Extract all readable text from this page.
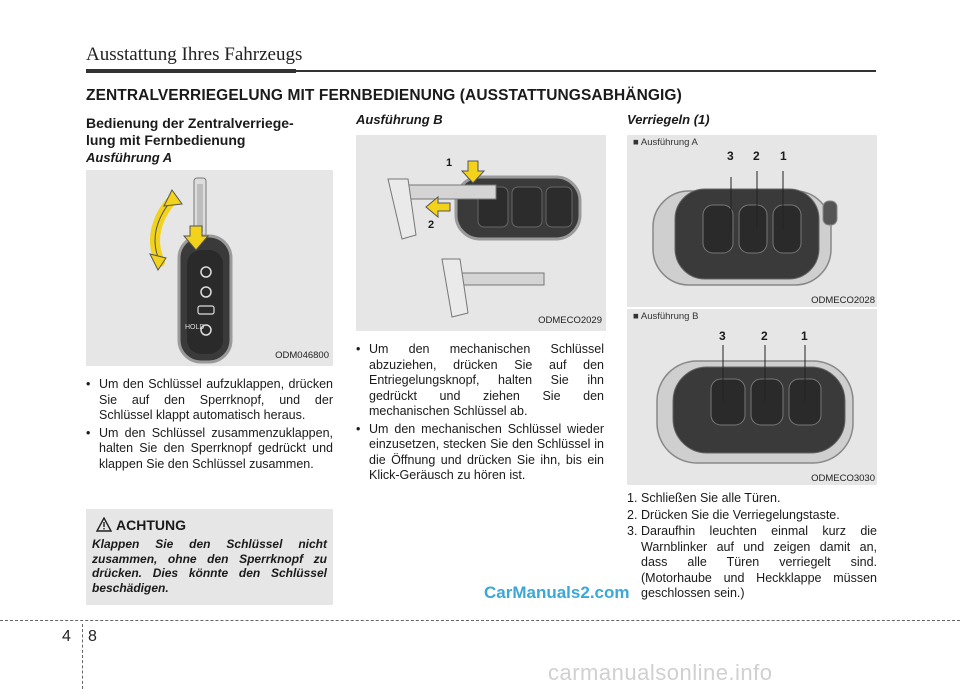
Ausstattung Ihres Fahrzeugs
ZENTRALVERRIEGELUNG MIT FERNBEDIENUNG (AUSSTATTUNGSABHÄNGIG)
Bedienung der Zentralverriege-
lung mit Fernbedienung
Ausführung A
HOLD
ODM046800
• Um den Schlüssel aufzuklappen, drücken Sie auf den Sperrknopf, und der Schlüssel klappt automatisch heraus.
• Um den Schlüssel zusammenzuklappen, halten Sie den Sperrknopf gedrückt und klappen Sie den Schlüssel zusammen.
ACHTUNG
Klappen Sie den Schlüssel nicht zusammen, ohne den Sperrknopf zu drücken. Dies könnte den Schlüssel beschädigen.
Ausführung B
1
2
ODMECO2029
• Um den mechanischen Schlüssel abzuziehen, drücken Sie auf den Entriegelungsknopf, halten Sie ihn gedrückt und ziehen Sie den mechanischen Schlüssel ab.
• Um den mechanischen Schlüssel wieder einzusetzen, stecken Sie den Schlüssel in die Öffnung und drücken Sie ihn, bis ein Klick-Geräusch zu hören ist.
Verriegeln (1)
■ Ausführung A
3 2 1
ODMECO2028
■ Ausführung B
3	2	1
ODMECO3030
1. Schließen Sie alle Türen.
2. Drücken Sie die Verriegelungstaste.
3. Daraufhin leuchten einmal kurz die Warnblinker auf und zeigen damit an, dass alle Türen verriegelt sind. (Motorhaube und Heckklappe müssen geschlossen sein.)
CarManuals2.com
4 8
carmanualsonline.info
